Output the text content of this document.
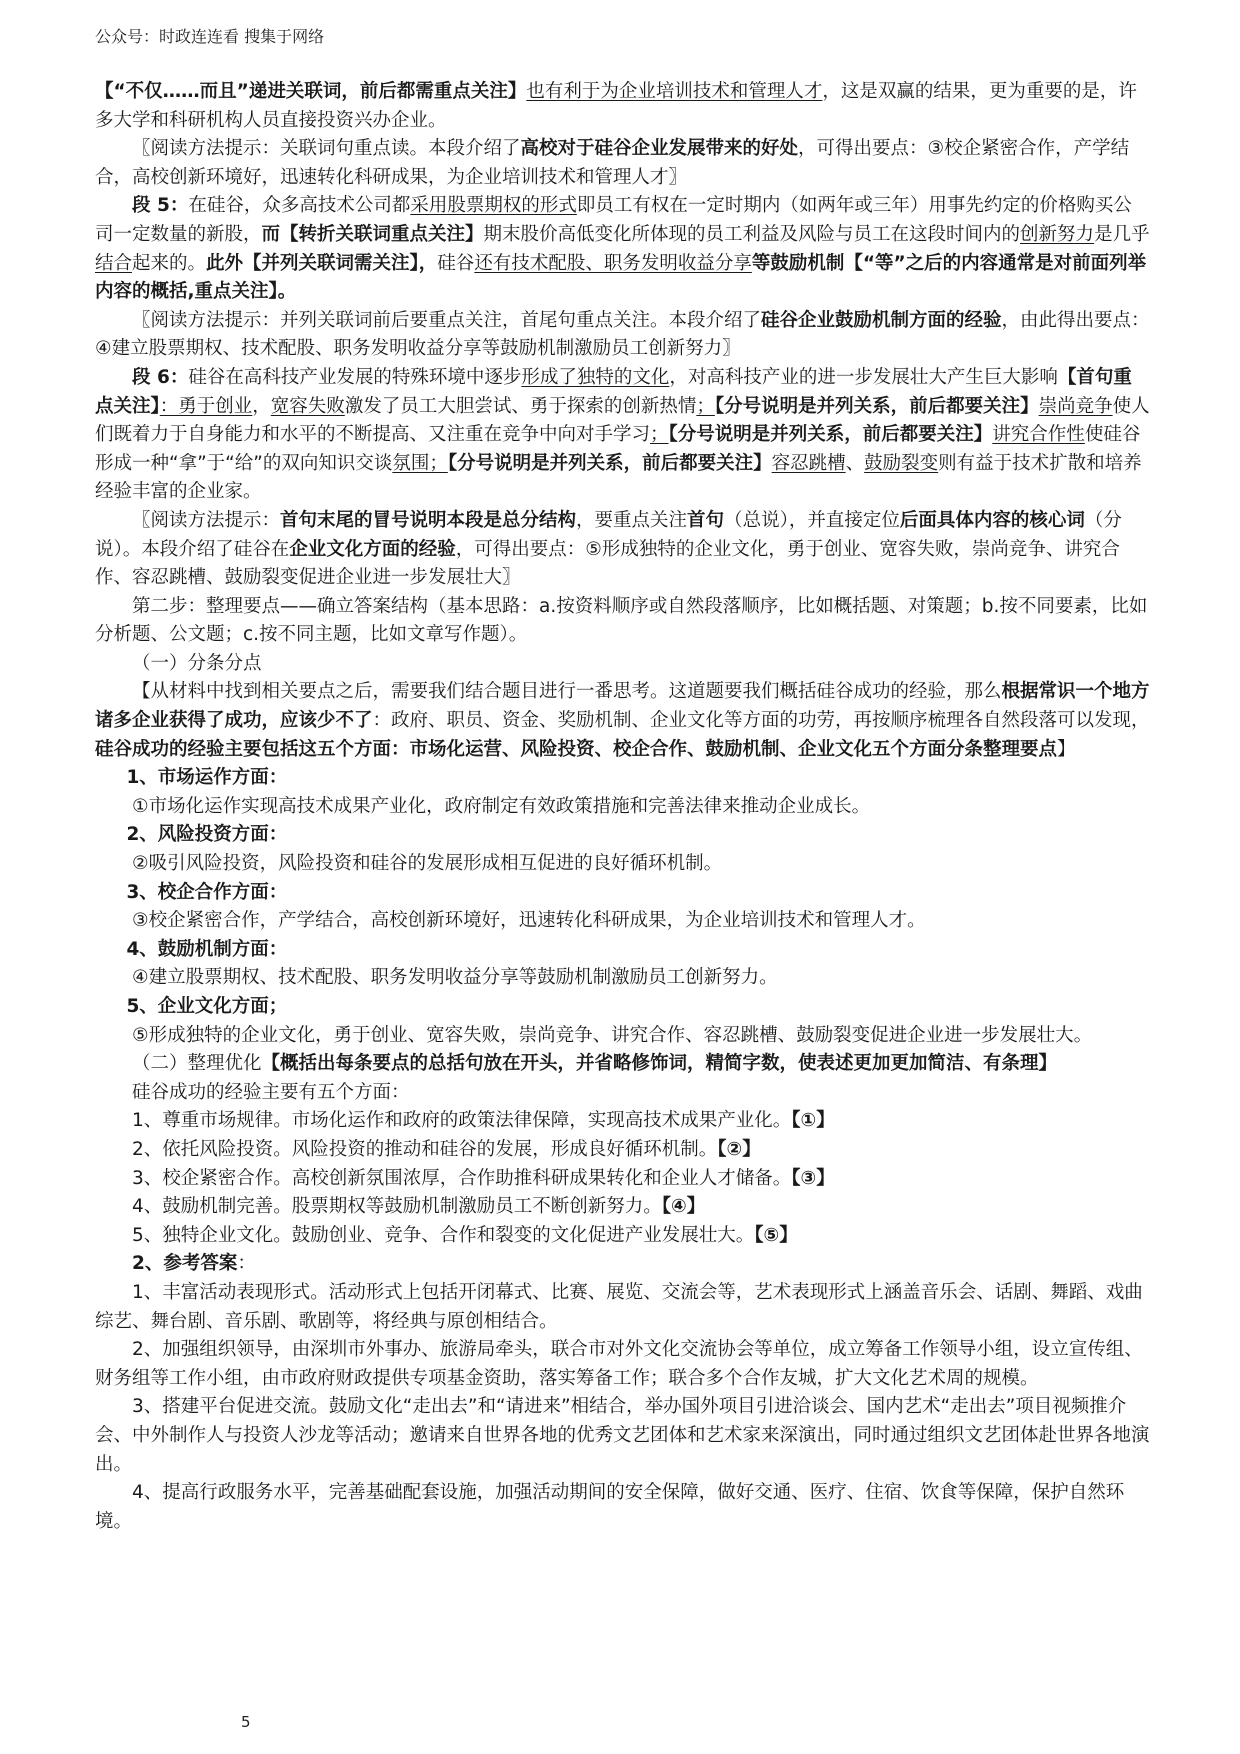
公众号：时政连连看 搜集于网络

【“不仅……而且”递进关联词，前后都需重点关注】也有利于为企业培训技术和管理人才，这是双赢的结果，更为重要的是，许多大学和科研机构人员直接投资兴办企业。

〖阅读方法提示：关联词句重点读。本段介绍了高校对于硅谷企业发展带来的好处，可得出要点：③校企紧密合作，产学结合，高校创新环境好，迅速转化科研成果，为企业培训技术和管理人才〗

段 5：在硅谷，众多高技术公司都采用股票期权的形式即员工有权在一定时期内（如两年或三年）用事先约定的价格购买公司一定数量的新股，而【转折关联词重点关注】期末股价高低变化所体现的员工利益及风险与员工在这段时间内的创新努力是几乎结合起来的。此外【并列关联词需关注】，硅谷还有技术配股、职务发明收益分享等鼓励机制【“等”之后的内容通常是对前面列举内容的概括,重点关注】。

〖阅读方法提示：并列关联词前后要重点关注，首尾句重点关注。本段介绍了硅谷企业鼓励机制方面的经验，由此得出要点：④建立股票期权、技术配股、职务发明收益分享等鼓励机制激励员工创新努力〗

段 6：硅谷在高科技产业发展的特殊环境中逐步形成了独特的文化，对高科技产业的进一步发展壮大产生巨大影响【首句重点关注】：勇于创业，宽容失败激发了员工大胆尝试、勇于探索的创新热情；【分号说明是并列关系，前后都要关注】崇尚竞争使人们既着力于自身能力和水平的不断提高、又注重在竞争中向对手学习；【分号说明是并列关系，前后都要关注】讲究合作性使硅谷形成一种“拿”于“给”的双向知识交谈氛围；【分号说明是并列关系，前后都要关注】容忍跳槽、鼓励裂变则有益于技术扩散和培养经验丰富的企业家。

〖阅读方法提示：首句末尾的冒号说明本段是总分结构，要重点关注首句（总说），并直接定位后面具体内容的核心词（分说）。本段介绍了硅谷在企业文化方面的经验，可得出要点：⑤形成独特的企业文化，勇于创业、宽容失败，崇尚竞争、讲究合作、容忍跳槽、鼓励裂变促进企业进一步发展壮大〗

第二步：整理要点——确立答案结构（基本思路：a.按资料顺序或自然段落顺序，比如概括题、对策题；b.按不同要素，比如分析题、公文题；c.按不同主题，比如文章写作题）。

（一）分条分点

【从材料中找到相关要点之后，需要我们结合题目进行一番思考。这道题要我们概括硅谷成功的经验，那么根据常识一个地方诸多企业获得了成功，应该少不了：政府、职员、资金、奖励机制、企业文化等方面的功劳，再按顺序梳理各自然段落可以发现，硅谷成功的经验主要包括这五个方面：市场化运营、风险投资、校企合作、鼓励机制、企业文化五个方面分条整理要点】

1、市场运作方面：

①市场化运作实现高技术成果产业化，政府制定有效政策措施和完善法律来推动企业成长。

2、风险投资方面：

②吸引风险投资，风险投资和硅谷的发展形成相互促进的良好循环机制。

3、校企合作方面：

③校企紧密合作，产学结合，高校创新环境好，迅速转化科研成果，为企业培训技术和管理人才。

4、鼓励机制方面：

④建立股票期权、技术配股、职务发明收益分享等鼓励机制激励员工创新努力。

5、企业文化方面；

⑤形成独特的企业文化，勇于创业、宽容失败，崇尚竞争、讲究合作、容忍跳槽、鼓励裂变促进企业进一步发展壮大。

（二）整理优化【概括出每条要点的总括句放在开头，并省略修饰词，精简字数，使表述更加更加简洁、有条理】

硅谷成功的经验主要有五个方面：

1、尊重市场规律。市场化运作和政府的政策法律保障，实现高技术成果产业化。【①】

2、依托风险投资。风险投资的推动和硅谷的发展，形成良好循环机制。【②】

3、校企紧密合作。高校创新氛围浓厚，合作助推科研成果转化和企业人才储备。【③】

4、鼓励机制完善。股票期权等鼓励机制激励员工不断创新努力。【④】

5、独特企业文化。鼓励创业、竞争、合作和裂变的文化促进产业发展壮大。【⑤】

2、参考答案：

1、丰富活动表现形式。活动形式上包括开闭幕式、比赛、展览、交流会等，艺术表现形式上涵盖音乐会、话剧、舞蹈、戏曲综艺、舞台剧、音乐剧、歌剧等，将经典与原创相结合。

2、加强组织领导，由深圳市外事办、旅游局牵头，联合市对外文化交流协会等单位，成立筹备工作领导小组，设立宣传组、财务组等工作小组，由市政府财政提供专项基金资助，落实筹备工作；联合多个合作友城，扩大文化艺术周的规模。

3、搭建平台促进交流。鼓励文化“走出去”和“请进来”相结合，举办国外项目引进洽谈会、国内艺术“走出去”项目视频推介会、中外制作人与投资人沙龙等活动；邀请来自世界各地的优秀文艺团体和艺术家来深演出，同时通过组织文艺团体赴世界各地演出。

4、提高行政服务水平，完善基础配套设施，加强活动期间的安全保障，做好交通、医疗、住宿、饮食等保障，保护自然环境。

5
